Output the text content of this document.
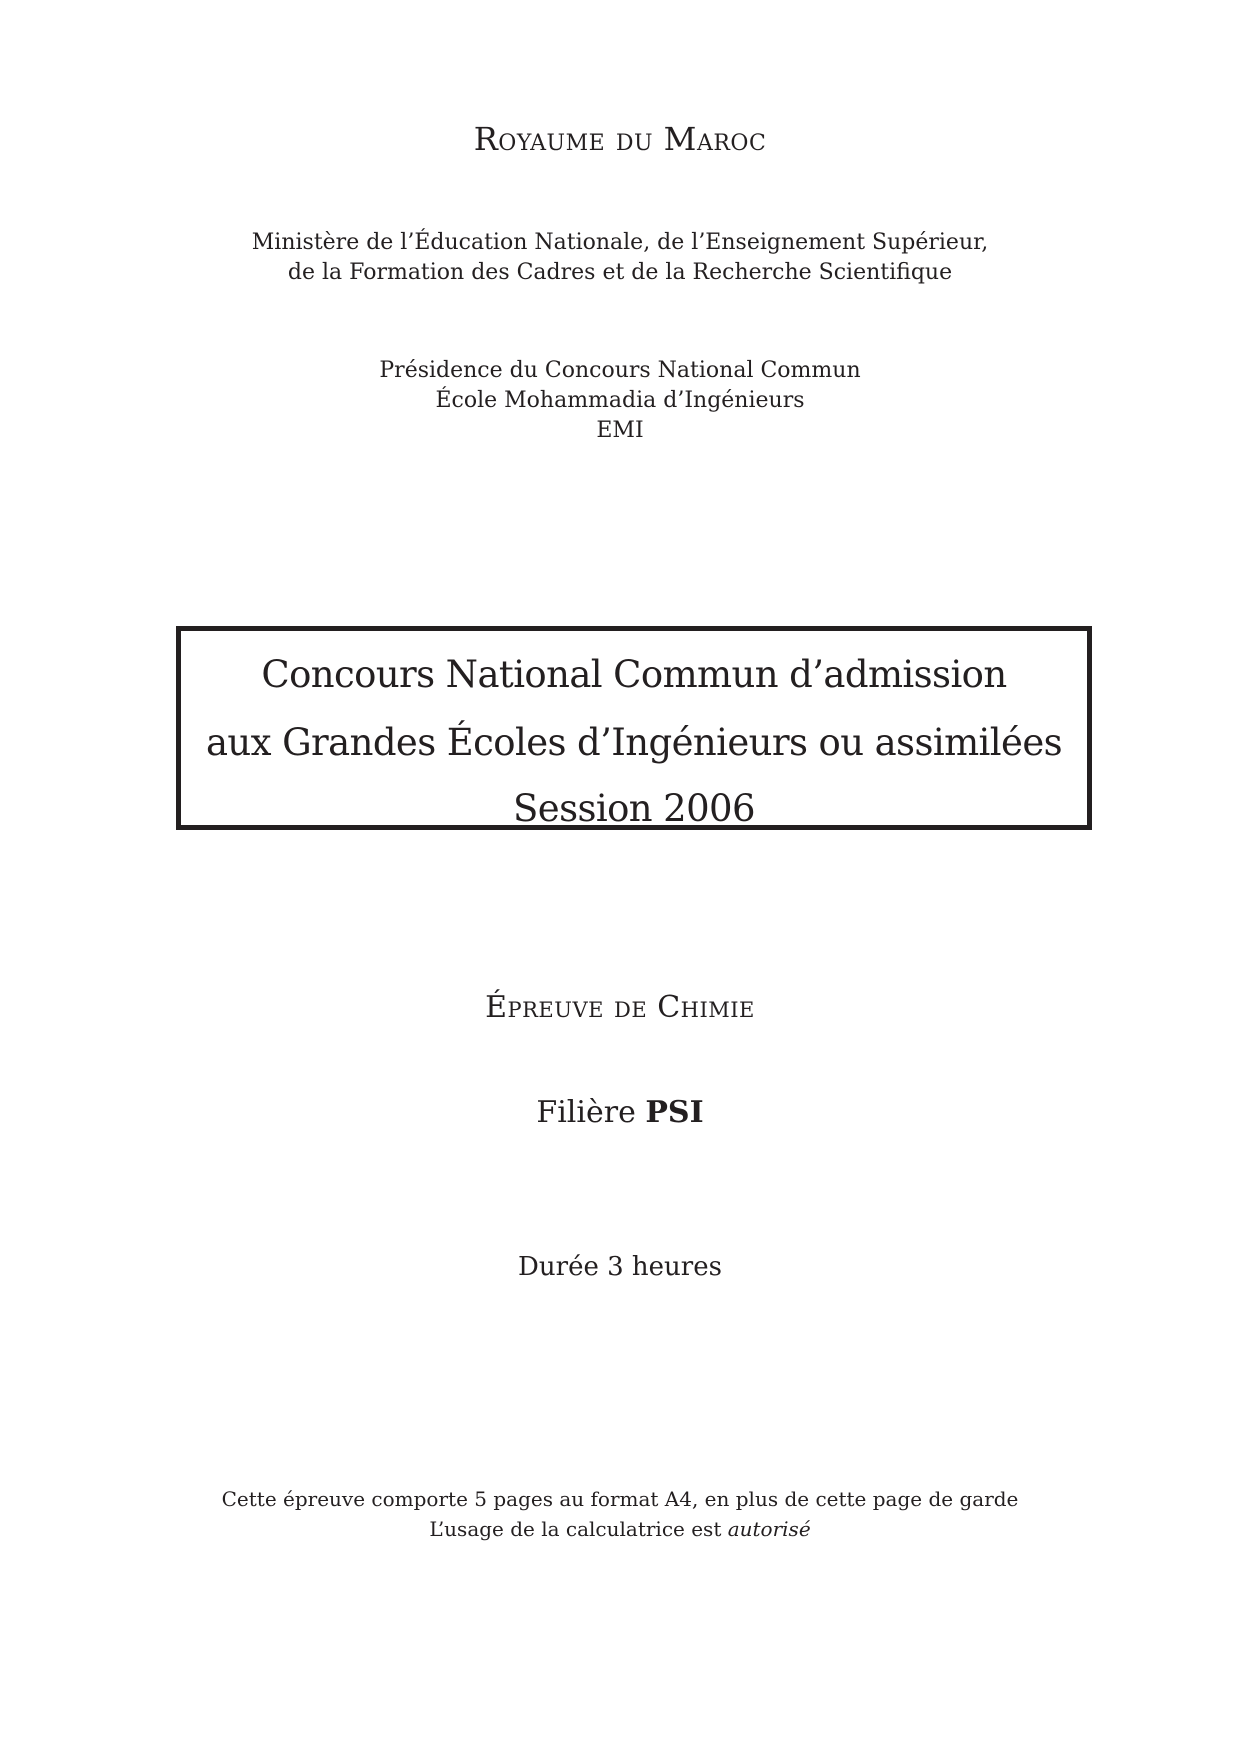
Royaume du Maroc
Ministère de l’Éducation Nationale, de l’Enseignement Supérieur,
de la Formation des Cadres et de la Recherche Scientifique
Présidence du Concours National Commun
École Mohammadia d’Ingénieurs
EMI
Concours National Commun d’admission
aux Grandes Écoles d’Ingénieurs ou assimilées
Session 2006
Épreuve de Chimie
Filière PSI
Durée 3 heures
Cette épreuve comporte 5 pages au format A4, en plus de cette page de garde
L’usage de la calculatrice est autorisé
